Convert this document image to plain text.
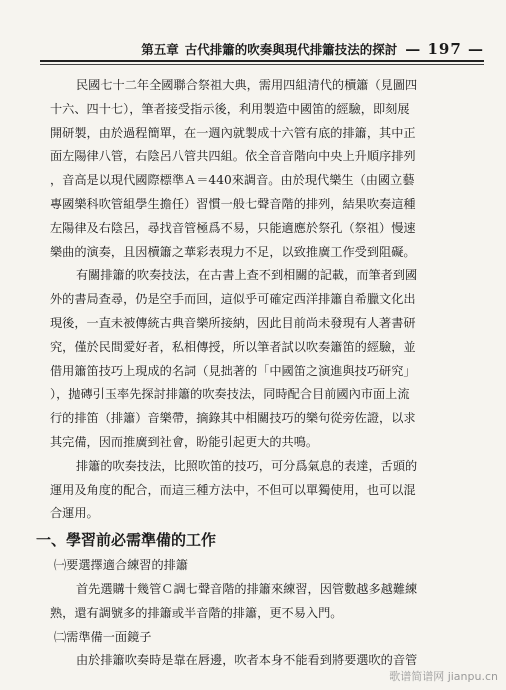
第五章 古代排簫的吹奏與現代排簫技法的探討 — 197 —
民國七十二年全國聯合祭祖大典，需用四組清代的櫝簫（見圖四
十六、四十七），筆者接受指示後，利用製造中國笛的經驗，即刻展
開研製，由於過程簡單，在一週內就製成十六管有底的排簫，其中正
面左陽律八管，右陰呂八管共四組。依全音音階向中央上升順序排列
，音高是以現代國際標準Ａ＝440來調音。由於現代樂生（由國立藝
專國樂科吹管組學生擔任）習慣一般七聲音階的排列，結果吹奏這種
左陽律及右陰呂，尋找音管極爲不易，只能適應於祭孔（祭祖）慢速
樂曲的演奏，且因櫝簫之華彩表現力不足，以致推廣工作受到阻礙。
有關排簫的吹奏技法，在古書上查不到相關的記載，而筆者到國
外的書局查尋，仍是空手而回，這似乎可確定西洋排簫自希臘文化出
現後，一直未被傳統古典音樂所接納，因此目前尚未發現有人著書研
究，僅於民間愛好者，私相傳授，所以筆者試以吹奏簫笛的經驗，並
借用簫笛技巧上現成的名詞（見拙著的「中國笛之演進與技巧研究」
），抛磚引玉率先探討排簫的吹奏技法，同時配合目前國內市面上流
行的排笛（排簫）音樂帶，摘錄其中相關技巧的樂句從旁佐證，以求
其完備，因而推廣到社會，盼能引起更大的共鳴。
排簫的吹奏技法，比照吹笛的技巧，可分爲氣息的表達，舌頭的
運用及角度的配合，而這三種方法中，不但可以單獨使用，也可以混
合運用。
一、學習前必需準備的工作
㈠要選擇適合練習的排簫
首先選購十幾管Ｃ調七聲音階的排簫來練習，因管數越多越難練
熟，還有調號多的排簫或半音階的排簫，更不易入門。
㈡需準備一面鏡子
由於排簫吹奏時是靠在唇邊，吹者本身不能看到將要選吹的音管
歌谱简谱网 jianpu.cn
